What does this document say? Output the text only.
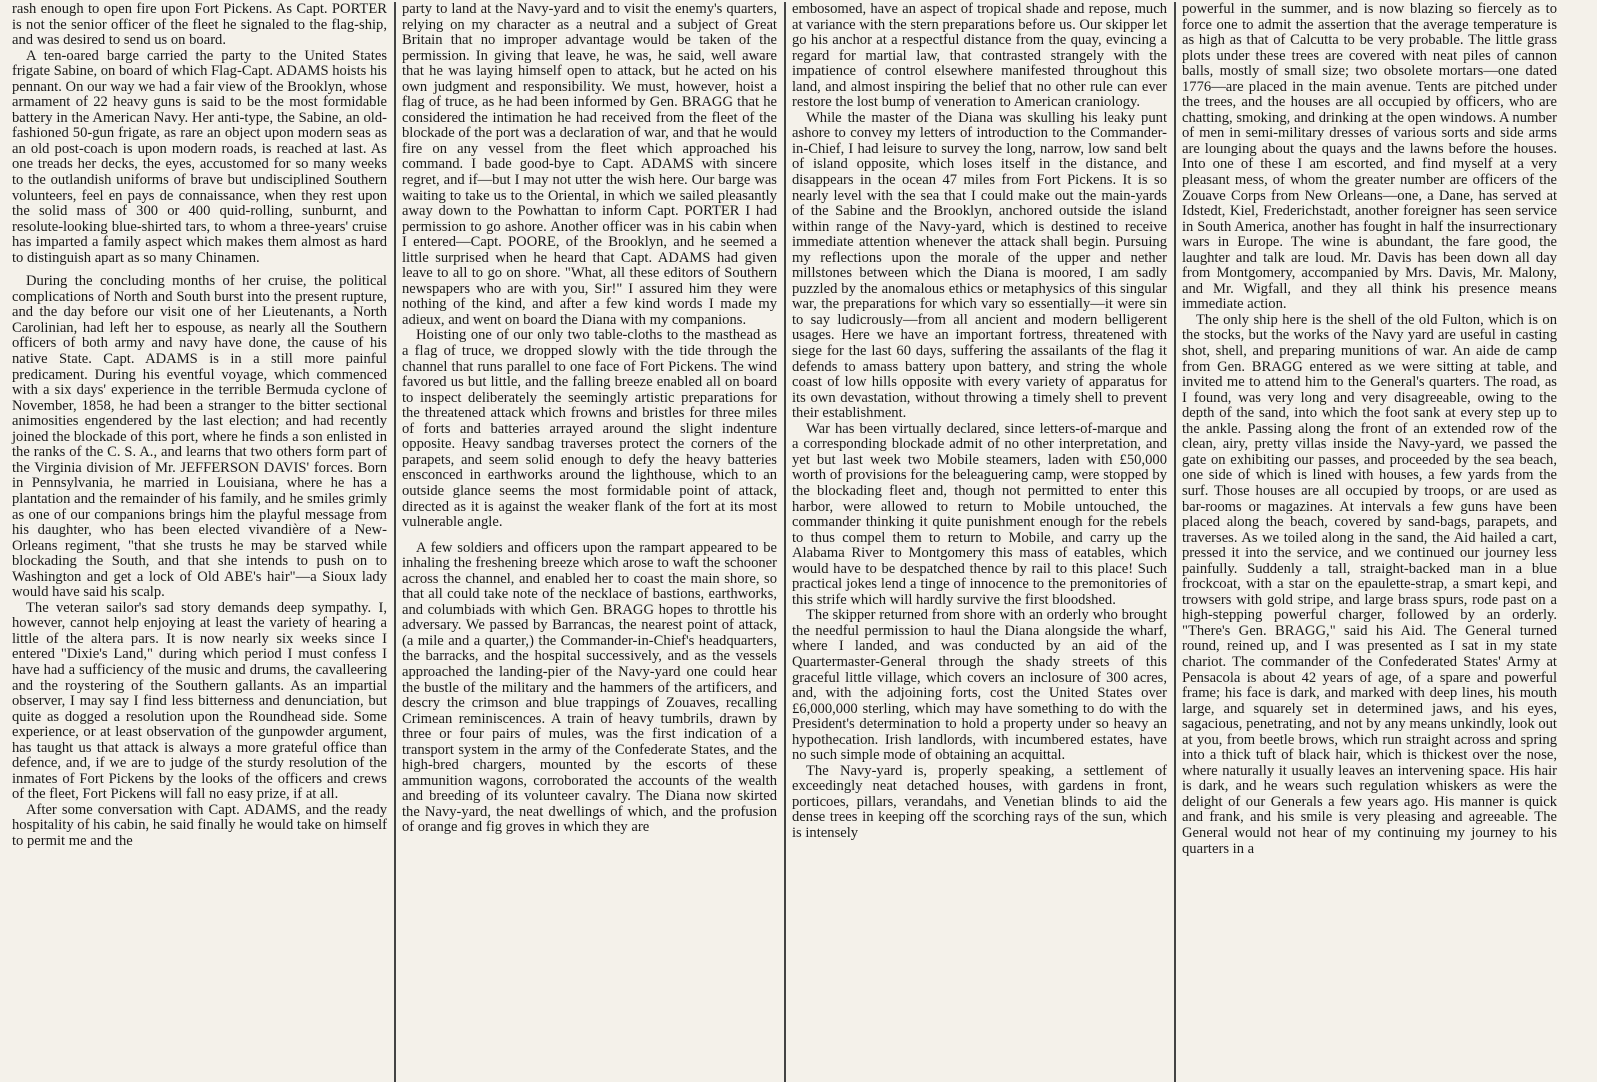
rash enough to open fire upon Fort Pickens. As Capt. PORTER is not the senior officer of the fleet he signaled to the flag-ship, and was desired to send us on board.

A ten-oared barge carried the party to the United States frigate Sabine, on board of which Flag-Capt. ADAMS hoists his pennant. On our way we had a fair view of the Brooklyn, whose armament of 22 heavy guns is said to be the most formidable battery in the American Navy. Her anti-type, the Sabine, an old-fashioned 50-gun frigate, as rare an object upon modern seas as an old post-coach is upon modern roads, is reached at last. As one treads her decks, the eyes, accustomed for so many weeks to the outlandish uniforms of brave but undisciplined Southern volunteers, feel en pays de connaissance, when they rest upon the solid mass of 300 or 400 quid-rolling, sunburnt, and resolute-looking blue-shirted tars, to whom a three-years' cruise has imparted a family aspect which makes them almost as hard to distinguish apart as so many Chinamen.

During the concluding months of her cruise, the political complications of North and South burst into the present rupture, and the day before our visit one of her Lieutenants, a North Carolinian, had left her to espouse, as nearly all the Southern officers of both army and navy have done, the cause of his native State. Capt. ADAMS is in a still more painful predicament. During his eventful voyage, which commenced with a six days' experience in the terrible Bermuda cyclone of November, 1858, he had been a stranger to the bitter sectional animosities engendered by the last election; and had recently joined the blockade of this port, where he finds a son enlisted in the ranks of the C. S. A., and learns that two others form part of the Virginia division of Mr. JEFFERSON DAVIS' forces. Born in Pennsylvania, he married in Louisiana, where he has a plantation and the remainder of his family, and he smiles grimly as one of our companions brings him the playful message from his daughter, who has been elected vivandière of a New-Orleans regiment, "that she trusts he may be starved while blockading the South, and that she intends to push on to Washington and get a lock of Old ABE's hair"—a Sioux lady would have said his scalp.

The veteran sailor's sad story demands deep sympathy. I, however, cannot help enjoying at least the variety of hearing a little of the altera pars. It is now nearly six weeks since I entered "Dixie's Land," during which period I must confess I have had a sufficiency of the music and drums, the cavalleering and the roystering of the Southern gallants. As an impartial observer, I may say I find less bitterness and denunciation, but quite as dogged a resolution upon the Roundhead side. Some experience, or at least observation of the gunpowder argument, has taught us that attack is always a more grateful office than defence, and, if we are to judge of the sturdy resolution of the inmates of Fort Pickens by the looks of the officers and crews of the fleet, Fort Pickens will fall no easy prize, if at all.

After some conversation with Capt. ADAMS, and the ready hospitality of his cabin, he said finally he would take on himself to permit me and the

party to land at the Navy-yard and to visit the enemy's quarters, relying on my character as a neutral and a subject of Great Britain that no improper advantage would be taken of the permission. In giving that leave, he was, he said, well aware that he was laying himself open to attack, but he acted on his own judgment and responsibility. We must, however, hoist a flag of truce, as he had been informed by Gen. BRAGG that he considered the intimation he had received from the fleet of the blockade of the port was a declaration of war, and that he would fire on any vessel from the fleet which approached his command. I bade good-bye to Capt. ADAMS with sincere regret, and if—but I may not utter the wish here. Our barge was waiting to take us to the Oriental, in which we sailed pleasantly away down to the Powhattan to inform Capt. PORTER I had permission to go ashore. Another officer was in his cabin when I entered—Capt. POORE, of the Brooklyn, and he seemed a little surprised when he heard that Capt. ADAMS had given leave to all to go on shore. "What, all these editors of Southern newspapers who are with you, Sir!" I assured him they were nothing of the kind, and after a few kind words I made my adieux, and went on board the Diana with my companions.

Hoisting one of our only two table-cloths to the masthead as a flag of truce, we dropped slowly with the tide through the channel that runs parallel to one face of Fort Pickens. The wind favored us but little, and the falling breeze enabled all on board to inspect deliberately the seemingly artistic preparations for the threatened attack which frowns and bristles for three miles of forts and batteries arrayed around the slight indenture opposite. Heavy sandbag traverses protect the corners of the parapets, and seem solid enough to defy the heavy batteries ensconced in earthworks around the lighthouse, which to an outside glance seems the most formidable point of attack, directed as it is against the weaker flank of the fort at its most vulnerable angle.

A few soldiers and officers upon the rampart appeared to be inhaling the freshening breeze which arose to waft the schooner across the channel, and enabled her to coast the main shore, so that all could take note of the necklace of bastions, earthworks, and columbiads with which Gen. BRAGG hopes to throttle his adversary. We passed by Barrancas, the nearest point of attack, (a mile and a quarter,) the Commander-in-Chief's headquarters, the barracks, and the hospital successively, and as the vessels approached the landing-pier of the Navy-yard one could hear the bustle of the military and the hammers of the artificers, and descry the crimson and blue trappings of Zouaves, recalling Crimean reminiscences. A train of heavy tumbrils, drawn by three or four pairs of mules, was the first indication of a transport system in the army of the Confederate States, and the high-bred chargers, mounted by the escorts of these ammunition wagons, corroborated the accounts of the wealth and breeding of its volunteer cavalry. The Diana now skirted the Navy-yard, the neat dwellings of which, and the profusion of orange and fig groves in which they are

embosomed, have an aspect of tropical shade and repose, much at variance with the stern preparations before us. Our skipper let go his anchor at a respectful distance from the quay, evincing a regard for martial law, that contrasted strangely with the impatience of control elsewhere manifested throughout this land, and almost inspiring the belief that no other rule can ever restore the lost bump of veneration to American craniology.

While the master of the Diana was skulling his leaky punt ashore to convey my letters of introduction to the Commander-in-Chief, I had leisure to survey the long, narrow, low sand belt of island opposite, which loses itself in the distance, and disappears in the ocean 47 miles from Fort Pickens. It is so nearly level with the sea that I could make out the main-yards of the Sabine and the Brooklyn, anchored outside the island within range of the Navy-yard, which is destined to receive immediate attention whenever the attack shall begin. Pursuing my reflections upon the morale of the upper and nether millstones between which the Diana is moored, I am sadly puzzled by the anomalous ethics or metaphysics of this singular war, the preparations for which vary so essentially—it were sin to say ludicrously—from all ancient and modern belligerent usages. Here we have an important fortress, threatened with siege for the last 60 days, suffering the assailants of the flag it defends to amass battery upon battery, and string the whole coast of low hills opposite with every variety of apparatus for its own devastation, without throwing a timely shell to prevent their establishment.

War has been virtually declared, since letters-of-marque and a corresponding blockade admit of no other interpretation, and yet but last week two Mobile steamers, laden with £50,000 worth of provisions for the beleaguering camp, were stopped by the blockading fleet and, though not permitted to enter this harbor, were allowed to return to Mobile untouched, the commander thinking it quite punishment enough for the rebels to thus compel them to return to Mobile, and carry up the Alabama River to Montgomery this mass of eatables, which would have to be despatched thence by rail to this place! Such practical jokes lend a tinge of innocence to the premonitories of this strife which will hardly survive the first bloodshed.

The skipper returned from shore with an orderly who brought the needful permission to haul the Diana alongside the wharf, where I landed, and was conducted by an aid of the Quartermaster-General through the shady streets of this graceful little village, which covers an inclosure of 300 acres, and, with the adjoining forts, cost the United States over £6,000,000 sterling, which may have something to do with the President's determination to hold a property under so heavy an hypothecation. Irish landlords, with incumbered estates, have no such simple mode of obtaining an acquittal.

The Navy-yard is, properly speaking, a settlement of exceedingly neat detached houses, with gardens in front, porticoes, pillars, verandahs, and Venetian blinds to aid the dense trees in keeping off the scorching rays of the sun, which is intensely

powerful in the summer, and is now blazing so fiercely as to force one to admit the assertion that the average temperature is as high as that of Calcutta to be very probable. The little grass plots under these trees are covered with neat piles of cannon balls, mostly of small size; two obsolete mortars—one dated 1776—are placed in the main avenue. Tents are pitched under the trees, and the houses are all occupied by officers, who are chatting, smoking, and drinking at the open windows. A number of men in semi-military dresses of various sorts and side arms are lounging about the quays and the lawns before the houses. Into one of these I am escorted, and find myself at a very pleasant mess, of whom the greater number are officers of the Zouave Corps from New Orleans—one, a Dane, has served at Idstedt, Kiel, Frederichstadt, another foreigner has seen service in South America, another has fought in half the insurrectionary wars in Europe. The wine is abundant, the fare good, the laughter and talk are loud. Mr. Davis has been down all day from Montgomery, accompanied by Mrs. Davis, Mr. Malony, and Mr. Wigfall, and they all think his presence means immediate action.

The only ship here is the shell of the old Fulton, which is on the stocks, but the works of the Navy yard are useful in casting shot, shell, and preparing munitions of war. An aide de camp from Gen. BRAGG entered as we were sitting at table, and invited me to attend him to the General's quarters. The road, as I found, was very long and very disagreeable, owing to the depth of the sand, into which the foot sank at every step up to the ankle. Passing along the front of an extended row of the clean, airy, pretty villas inside the Navy-yard, we passed the gate on exhibiting our passes, and proceeded by the sea beach, one side of which is lined with houses, a few yards from the surf. Those houses are all occupied by troops, or are used as bar-rooms or magazines. At intervals a few guns have been placed along the beach, covered by sand-bags, parapets, and traverses. As we toiled along in the sand, the Aid hailed a cart, pressed it into the service, and we continued our journey less painfully. Suddenly a tall, straight-backed man in a blue frockcoat, with a star on the epaulette-strap, a smart kepi, and trowsers with gold stripe, and large brass spurs, rode past on a high-stepping powerful charger, followed by an orderly. "There's Gen. BRAGG," said his Aid. The General turned round, reined up, and I was presented as I sat in my state chariot. The commander of the Confederated States' Army at Pensacola is about 42 years of age, of a spare and powerful frame; his face is dark, and marked with deep lines, his mouth large, and squarely set in determined jaws, and his eyes, sagacious, penetrating, and not by any means unkindly, look out at you, from beetle brows, which run straight across and spring into a thick tuft of black hair, which is thickest over the nose, where naturally it usually leaves an intervening space. His hair is dark, and he wears such regulation whiskers as were the delight of our Generals a few years ago. His manner is quick and frank, and his smile is very pleasing and agreeable. The General would not hear of my continuing my journey to his quarters in a
